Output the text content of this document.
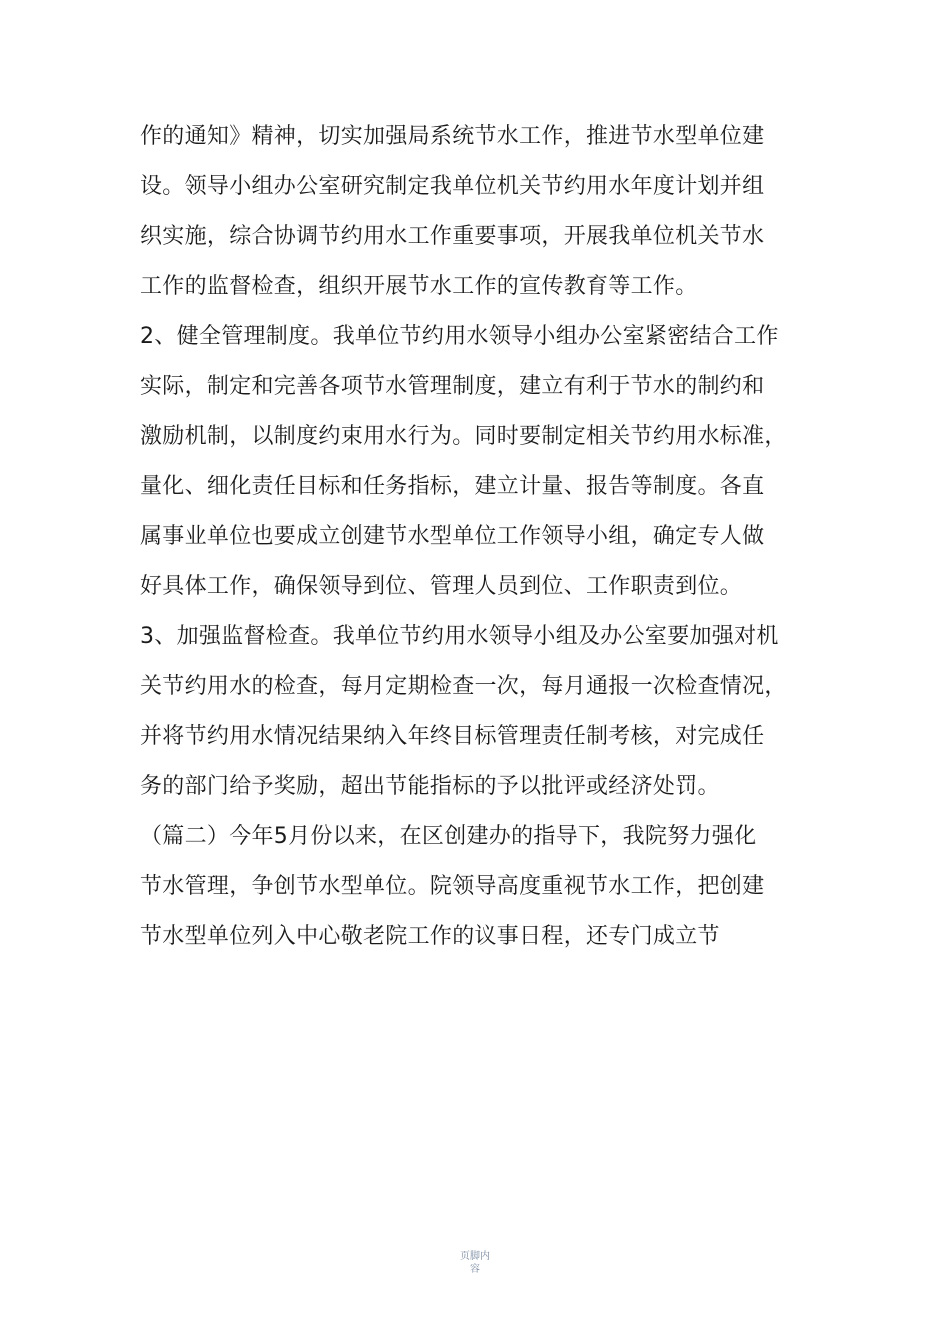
作的通知》精神，切实加强局系统节水工作，推进节水型单位建
设。领导小组办公室研究制定我单位机关节约用水年度计划并组
织实施，综合协调节约用水工作重要事项，开展我单位机关节水
工作的监督检查，组织开展节水工作的宣传教育等工作。
2、健全管理制度。我单位节约用水领导小组办公室紧密结合工作
实际，制定和完善各项节水管理制度，建立有利于节水的制约和
激励机制，以制度约束用水行为。同时要制定相关节约用水标准，
量化、细化责任目标和任务指标，建立计量、报告等制度。各直
属事业单位也要成立创建节水型单位工作领导小组，确定专人做
好具体工作，确保领导到位、管理人员到位、工作职责到位。
3、加强监督检查。我单位节约用水领导小组及办公室要加强对机
关节约用水的检查，每月定期检查一次，每月通报一次检查情况，
并将节约用水情况结果纳入年终目标管理责任制考核，对完成任
务的部门给予奖励，超出节能指标的予以批评或经济处罚。
（篇二）今年5月份以来，在区创建办的指导下，我院努力强化
节水管理，争创节水型单位。院领导高度重视节水工作，把创建
节水型单位列入中心敬老院工作的议事日程，还专门成立节
页脚内
容
